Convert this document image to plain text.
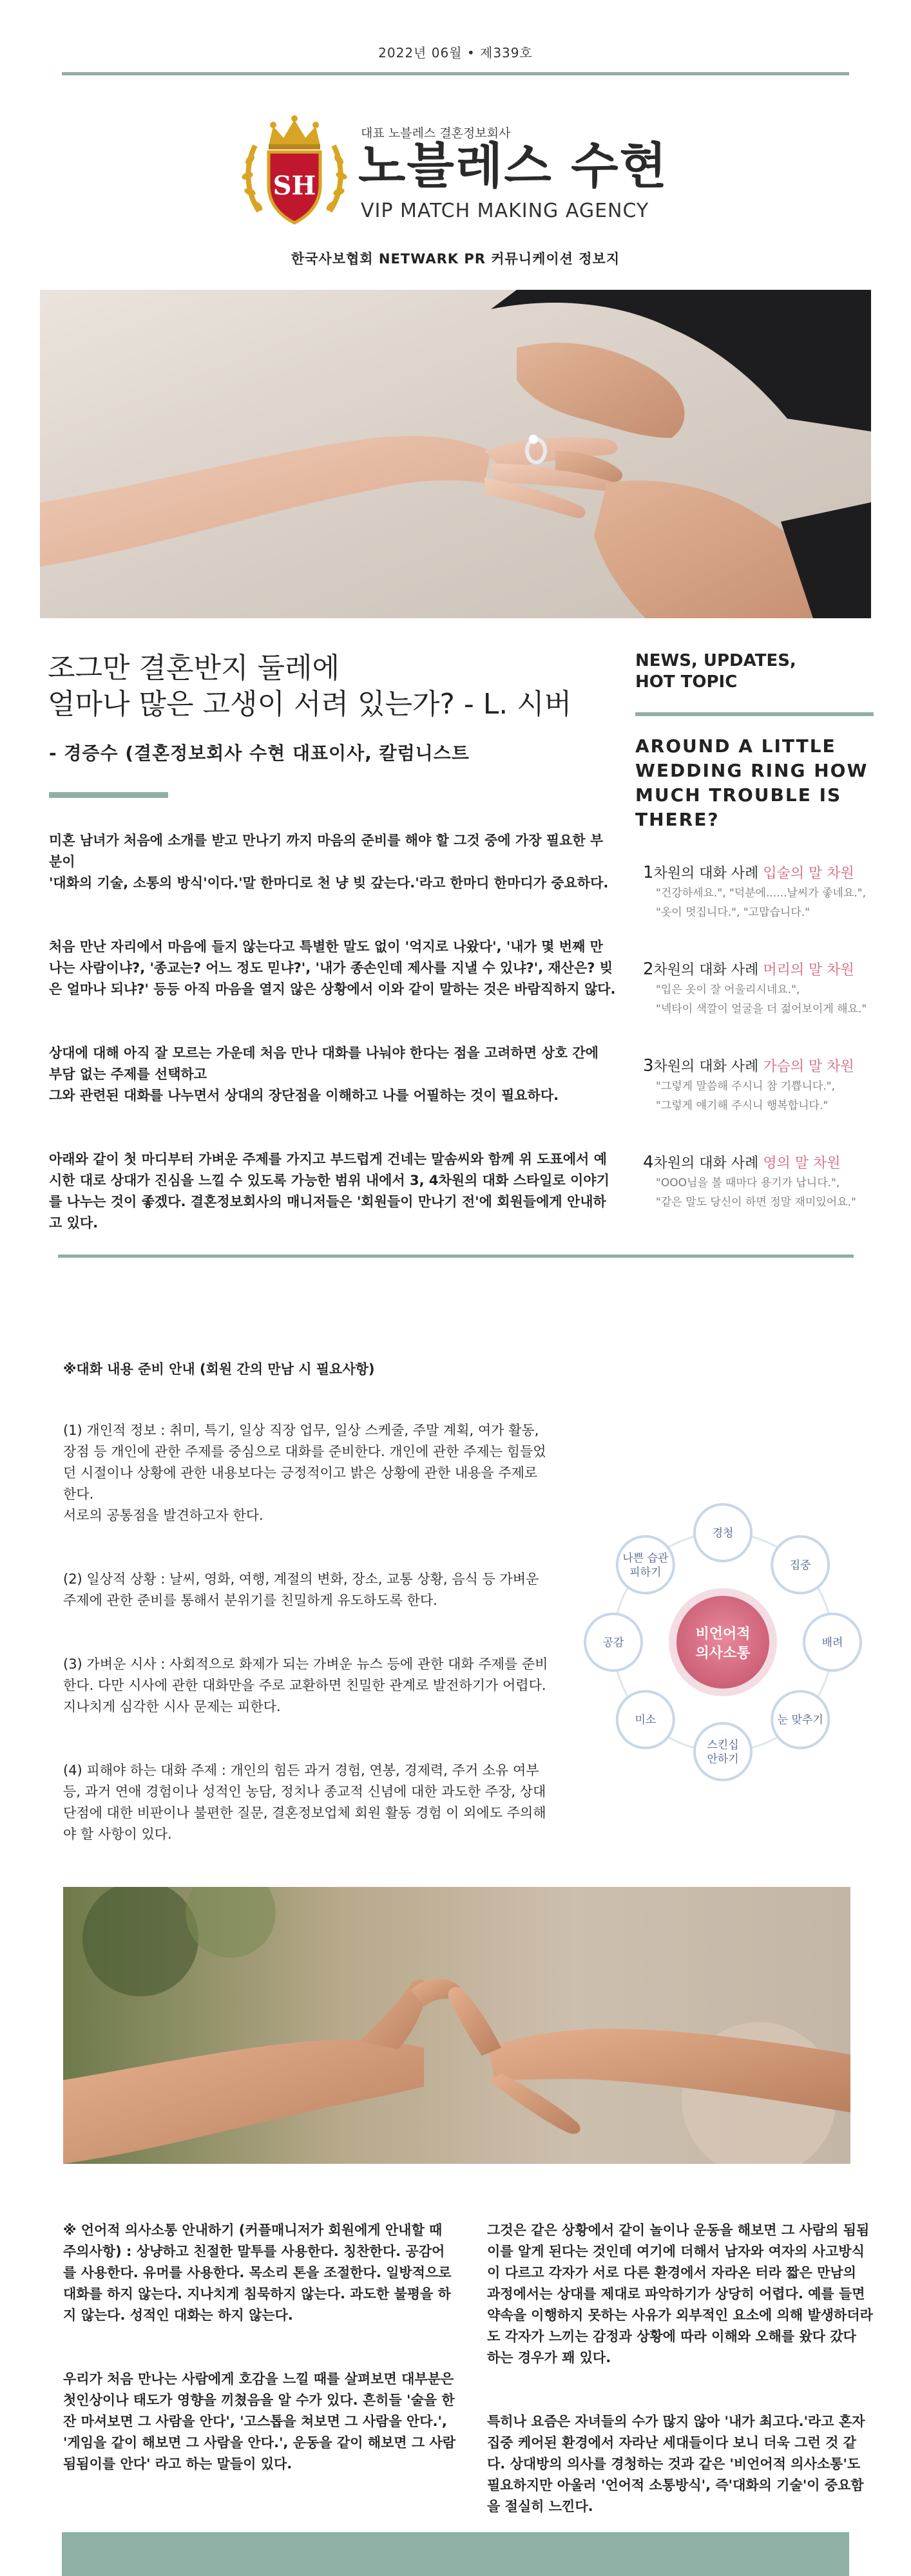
2022년 06월 • 제339호
SH
대표 노블레스 결혼정보회사
노블레스 수현
VIP MATCH MAKING AGENCY
한국사보협회 NETWARK PR 커뮤니케이션 정보지
조그만 결혼반지 둘레에
얼마나 많은 고생이 서려 있는가? - L. 시버
- 경증수 (결혼정보회사 수현 대표이사, 칼럼니스트

미혼 남녀가 처음에 소개를 받고 만나기 까지 마음의 준비를 해야 할 그것 중에 가장 필요한 부분이
'대화의 기술, 소통의 방식'이다.'말 한마디로 천 냥 빚 갚는다.'라고 한마디 한마디가 중요하다.

처음 만난 자리에서 마음에 들지 않는다고 특별한 말도 없이 '억지로 나왔다', '내가 몇 번째 만나는 사람이냐?, '종교는? 어느 정도 믿냐?', '내가 종손인데 제사를 지낼 수 있냐?', 재산은? 빚은 얼마나 되냐?' 등등 아직 마음을 열지 않은 상황에서 이와 같이 말하는 것은 바람직하지 않다.

상대에 대해 아직 잘 모르는 가운데 처음 만나 대화를 나눠야 한다는 점을 고려하면 상호 간에 부담 없는 주제를 선택하고
그와 관련된 대화를 나누면서 상대의 장단점을 이해하고 나를 어필하는 것이 필요하다.

아래와 같이 첫 마디부터 가벼운 주제를 가지고 부드럽게 건네는 말솜씨와 함께 위 도표에서 예시한 대로 상대가 진심을 느낄 수 있도록 가능한 범위 내에서 3, 4차원의 대화 스타일로 이야기를 나누는 것이 좋겠다. 결혼정보회사의 매니저들은 '회원들이 만나기 전'에 회원들에게 안내하고 있다.

NEWS, UPDATES,
HOT TOPIC
AROUND A LITTLE WEDDING RING HOW MUCH TROUBLE IS THERE?
1차원의 대화 사례 입술의 말 차원
"건강하세요.", "덕분에......날씨가 좋네요.",
"옷이 멋집니다.", "고맙습니다."
2차원의 대화 사례 머리의 말 차원
"입은 옷이 잘 어울리시네요.",
"넥타이 색깔이 얼굴을 더 젊어보이게 해요."
3차원의 대화 사례 가슴의 말 차원
"그렇게 말씀해 주시니 참 기쁩니다.",
"그렇게 얘기해 주시니 행복합니다."
4차원의 대화 사례 영의 말 차원
"OOO님을 볼 때마다 용기가 납니다.",
"같은 말도 당신이 하면 정말 재미있어요."
※대화 내용 준비 안내 (회원 간의 만남 시 필요사항)

(1) 개인적 정보 : 취미, 특기, 일상 직장 업무, 일상 스케줄, 주말 계획, 여가 활동, 장점 등 개인에 관한 주제를 중심으로 대화를 준비한다. 개인에 관한 주제는 힘들었던 시절이나 상황에 관한 내용보다는 긍정적이고 밝은 상황에 관한 내용을 주제로 한다.
서로의 공통점을 발견하고자 한다.

(2) 일상적 상황 : 날씨, 영화, 여행, 계절의 변화, 장소, 교통 상황, 음식 등 가벼운 주제에 관한 준비를 통해서 분위기를 친밀하게 유도하도록 한다.

(3) 가벼운 시사 : 사회적으로 화제가 되는 가벼운 뉴스 등에 관한 대화 주제를 준비한다. 다만 시사에 관한 대화만을 주로 교환하면 친밀한 관계로 발전하기가 어렵다.
지나치게 심각한 시사 문제는 피한다.

(4) 피해야 하는 대화 주제 : 개인의 힘든 과거 경험, 연봉, 경제력, 주거 소유 여부 등, 과거 연애 경험이나 성적인 농담, 정치나 종교적 신념에 대한 과도한 주장, 상대 단점에 대한 비판이나 불편한 질문, 결혼정보업체 회원 활동 경험 이 외에도 주의해야 할 사항이 있다.

경청
집중
배려
눈 맞추기
스킨십 안하기
미소
공감
나쁜 습관 피하기
비언어적
의사소통

※ 언어적 의사소통 안내하기 (커플매니저가 회원에게 안내할 때 주의사항) : 상냥하고 친절한 말투를 사용한다. 칭찬한다. 공감어를 사용한다. 유머를 사용한다. 목소리 톤을 조절한다. 일방적으로 대화를 하지 않는다. 지나치게 침묵하지 않는다. 과도한 불평을 하지 않는다. 성적인 대화는 하지 않는다.

우리가 처음 만나는 사람에게 호감을 느낄 때를 살펴보면 대부분은 첫인상이나 태도가 영향을 끼쳤음을 알 수가 있다. 흔히들 '술을 한잔 마셔보면 그 사람을 안다', '고스톱을 쳐보면 그 사람을 안다.', '게임을 같이 해보면 그 사람을 안다.', 운동을 같이 해보면 그 사람 됨됨이를 안다' 라고 하는 말들이 있다.

그것은 같은 상황에서 같이 놀이나 운동을 해보면 그 사람의 됨됨이를 알게 된다는 것인데 여기에 더해서 남자와 여자의 사고방식이 다르고 각자가 서로 다른 환경에서 자라온 터라 짧은 만남의 과정에서는 상대를 제대로 파악하기가 상당히 어렵다. 예를 들면 약속을 이행하지 못하는 사유가 외부적인 요소에 의해 발생하더라도 각자가 느끼는 감정과 상황에 따라 이해와 오해를 왔다 갔다 하는 경우가 꽤 있다.

특히나 요즘은 자녀들의 수가 많지 않아 '내가 최고다.'라고 혼자 집중 케어된 환경에서 자라난 세대들이다 보니 더욱 그런 것 같다. 상대방의 의사를 경청하는 것과 같은 '비언어적 의사소통'도 필요하지만 아울러 '언어적 소통방식', 즉'대화의 기술'이 중요함을 절실히 느낀다.
